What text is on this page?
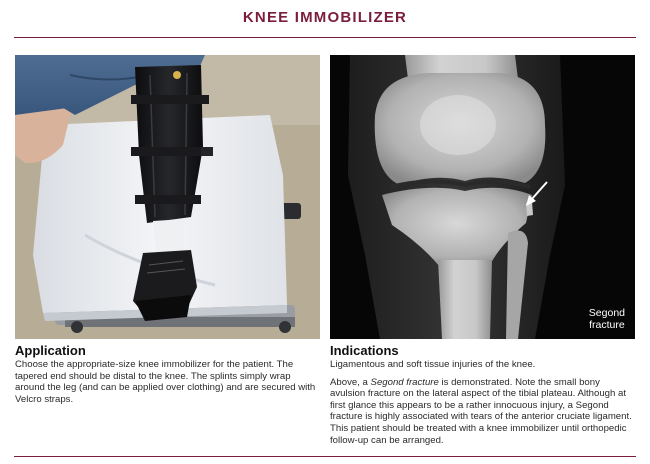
KNEE IMMOBILIZER
Segond
fracture
Application

Choose the appropriate-size knee immobilizer for the patient. The tapered end should be distal to the knee. The splints simply wrap around the leg (and can be applied over clothing) and are secured with Velcro straps.

Indications

Ligamentous and soft tissue injuries of the knee.

Above, a Segond fracture is demonstrated. Note the small bony avulsion fracture on the lateral aspect of the tibial plateau. Although at first glance this appears to be a rather innocuous injury, a Segond fracture is highly associated with tears of the anterior cruciate ligament. This patient should be treated with a knee immobilizer until orthopedic follow-up can be arranged.
